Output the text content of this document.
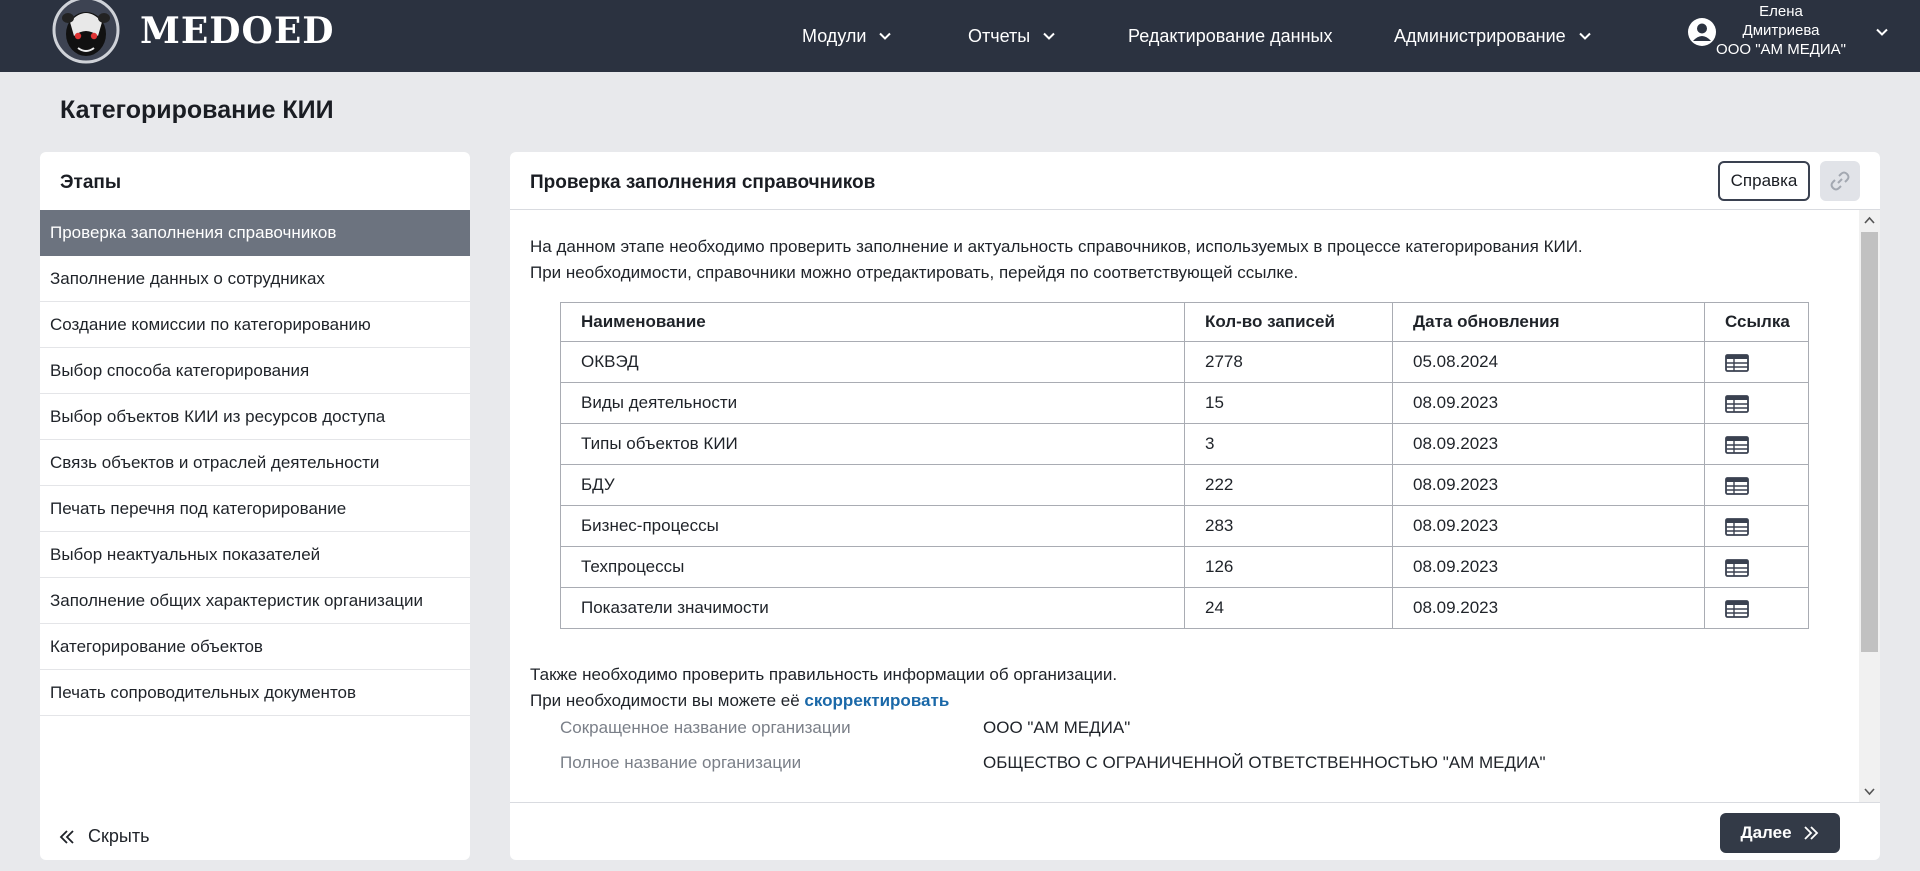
MEDOED	Модули	Отчеты	Редактирование данных	Администрирование
Елена
Дмитриева
ООО "АМ МЕДИА"
Категорирование КИИ
Этапы
Проверка заполнения справочников
Заполнение данных о сотрудниках
Создание комиссии по категорированию
Выбор способа категорирования
Выбор объектов КИИ из ресурсов доступа
Связь объектов и отраслей деятельности
Печать перечня под категорирование
Выбор неактуальных показателей
Заполнение общих характеристик организации
Категорирование объектов
Печать сопроводительных документов
Скрыть
Проверка заполнения справочников	Справка
На данном этапе необходимо проверить заполнение и актуальность справочников, используемых в процессе категорирования КИИ.
При необходимости, справочники можно отредактировать, перейдя по соответствующей ссылке.
Наименование	Кол-во записей	Дата обновления	Ссылка
ОКВЭД	2778	05.08.2024	
Виды деятельности	15	08.09.2023	
Типы объектов КИИ	3	08.09.2023	
БДУ	222	08.09.2023	
Бизнес-процессы	283	08.09.2023	
Техпроцессы	126	08.09.2023	
Показатели значимости	24	08.09.2023	
Также необходимо проверить правильность информации об организации.
При необходимости вы можете её скорректировать
Сокращенное название организации	ООО "АМ МЕДИА"
Полное название организации	ОБЩЕСТВО С ОГРАНИЧЕННОЙ ОТВЕТСТВЕННОСТЬЮ "АМ МЕДИА"
Далее
